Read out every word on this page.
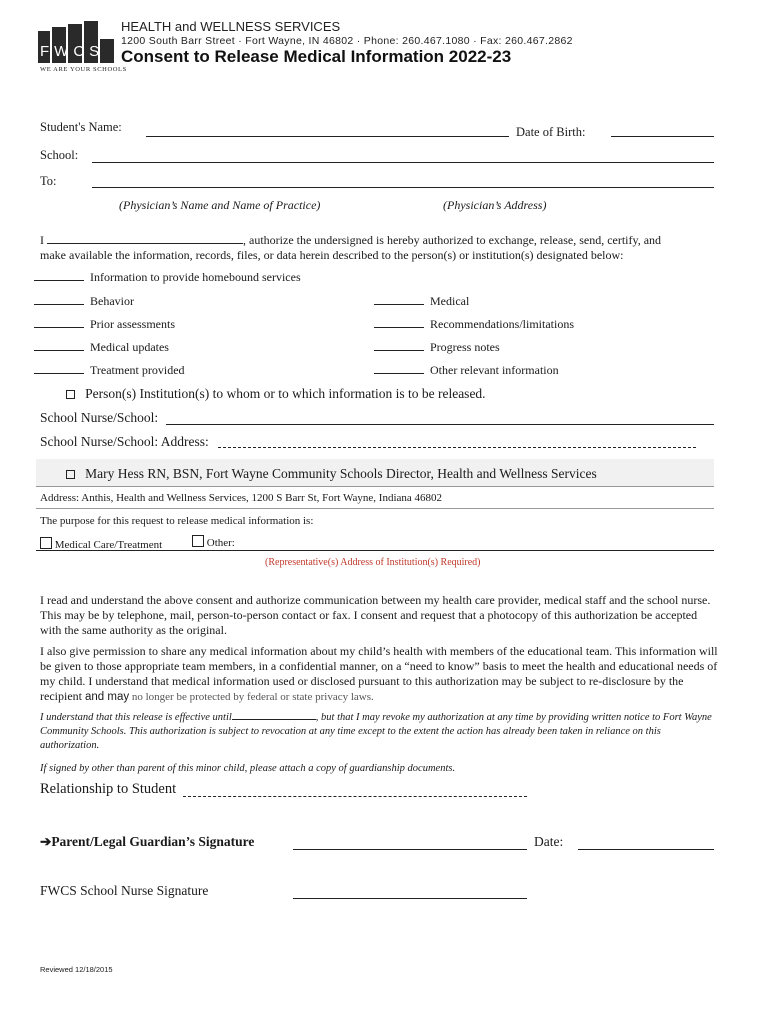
FWCS
WE ARE YOUR SCHOOLS
HEALTH and WELLNESS SERVICES
1200 South Barr Street · Fort Wayne, IN 46802 · Phone: 260.467.1080 · Fax: 260.467.2862
Consent to Release Medical Information 2022-23
Student's Name:	Date of Birth:
School:
To:
(Physician’s Name and Name of Practice)	(Physician’s Address)
I	, authorize the undersigned is hereby authorized to exchange, release, send, certify, and
make available the information, records, files, or data herein described to the person(s) or institution(s) designated below:
Information to provide homebound services
Behavior	Medical
Prior assessments	Recommendations/limitations
Medical updates	Progress notes
Treatment provided	Other relevant information
Person(s) Institution(s) to whom or to which information is to be released.
School Nurse/School:
School Nurse/School: Address:
Mary Hess RN, BSN, Fort Wayne Community Schools Director, Health and Wellness Services
Address: Anthis, Health and Wellness Services, 1200 S Barr St, Fort Wayne, Indiana 46802
The purpose for this request to release medical information is:
Medical Care/Treatment	Other:
(Representative(s) Address of Institution(s) Required)
I read and understand the above consent and authorize communication between my health care provider, medical staff and the school nurse. This may be by telephone, mail, person-to-person contact or fax. I consent and request that a photocopy of this authorization be accepted with the same authority as the original.
I also give permission to share any medical information about my child’s health with members of the educational team. This information will be given to those appropriate team members, in a confidential manner, on a “need to know” basis to meet the health and educational needs of my child. I understand that medical information used or disclosed pursuant to this authorization may be subject to re-disclosure by the recipient and may no longer be protected by federal or state privacy laws.
I understand that this release is effective until	, but that I may revoke my authorization at any time by providing written notice to Fort Wayne Community Schools. This authorization is subject to revocation at any time except to the extent the action has already been taken in reliance on this authorization.
If signed by other than parent of this minor child, please attach a copy of guardianship documents.
Relationship to Student
➔Parent/Legal Guardian’s Signature	Date:
FWCS School Nurse Signature
Reviewed 12/18/2015
